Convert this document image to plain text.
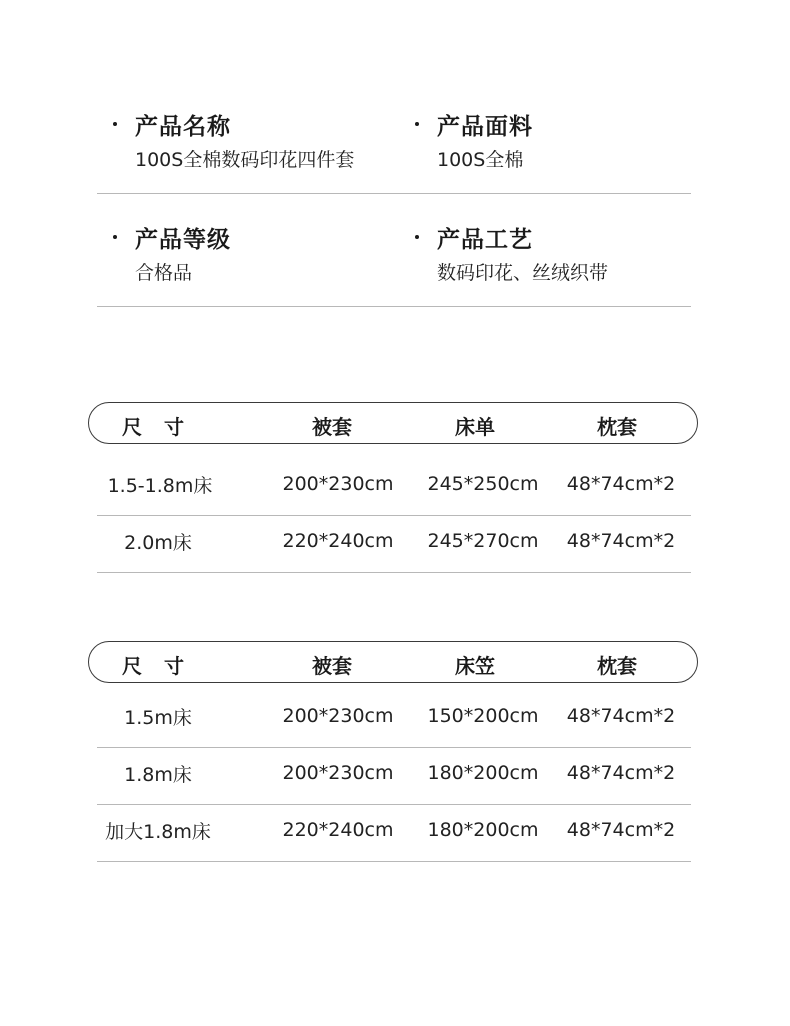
产品名称
100S全棉数码印花四件套
产品面料
100S全棉
产品等级
合格品
产品工艺
数码印花、丝绒织带
尺寸	被套	床单	枕套
1.5-1.8m床	200*230cm 245*250cm 48*74cm*2
2.0m床	220*240cm 245*270cm 48*74cm*2
尺寸	被套	床笠	枕套
1.5m床	200*230cm 150*200cm 48*74cm*2
1.8m床	200*230cm 180*200cm 48*74cm*2
加大1.8m床	220*240cm 180*200cm 48*74cm*2
